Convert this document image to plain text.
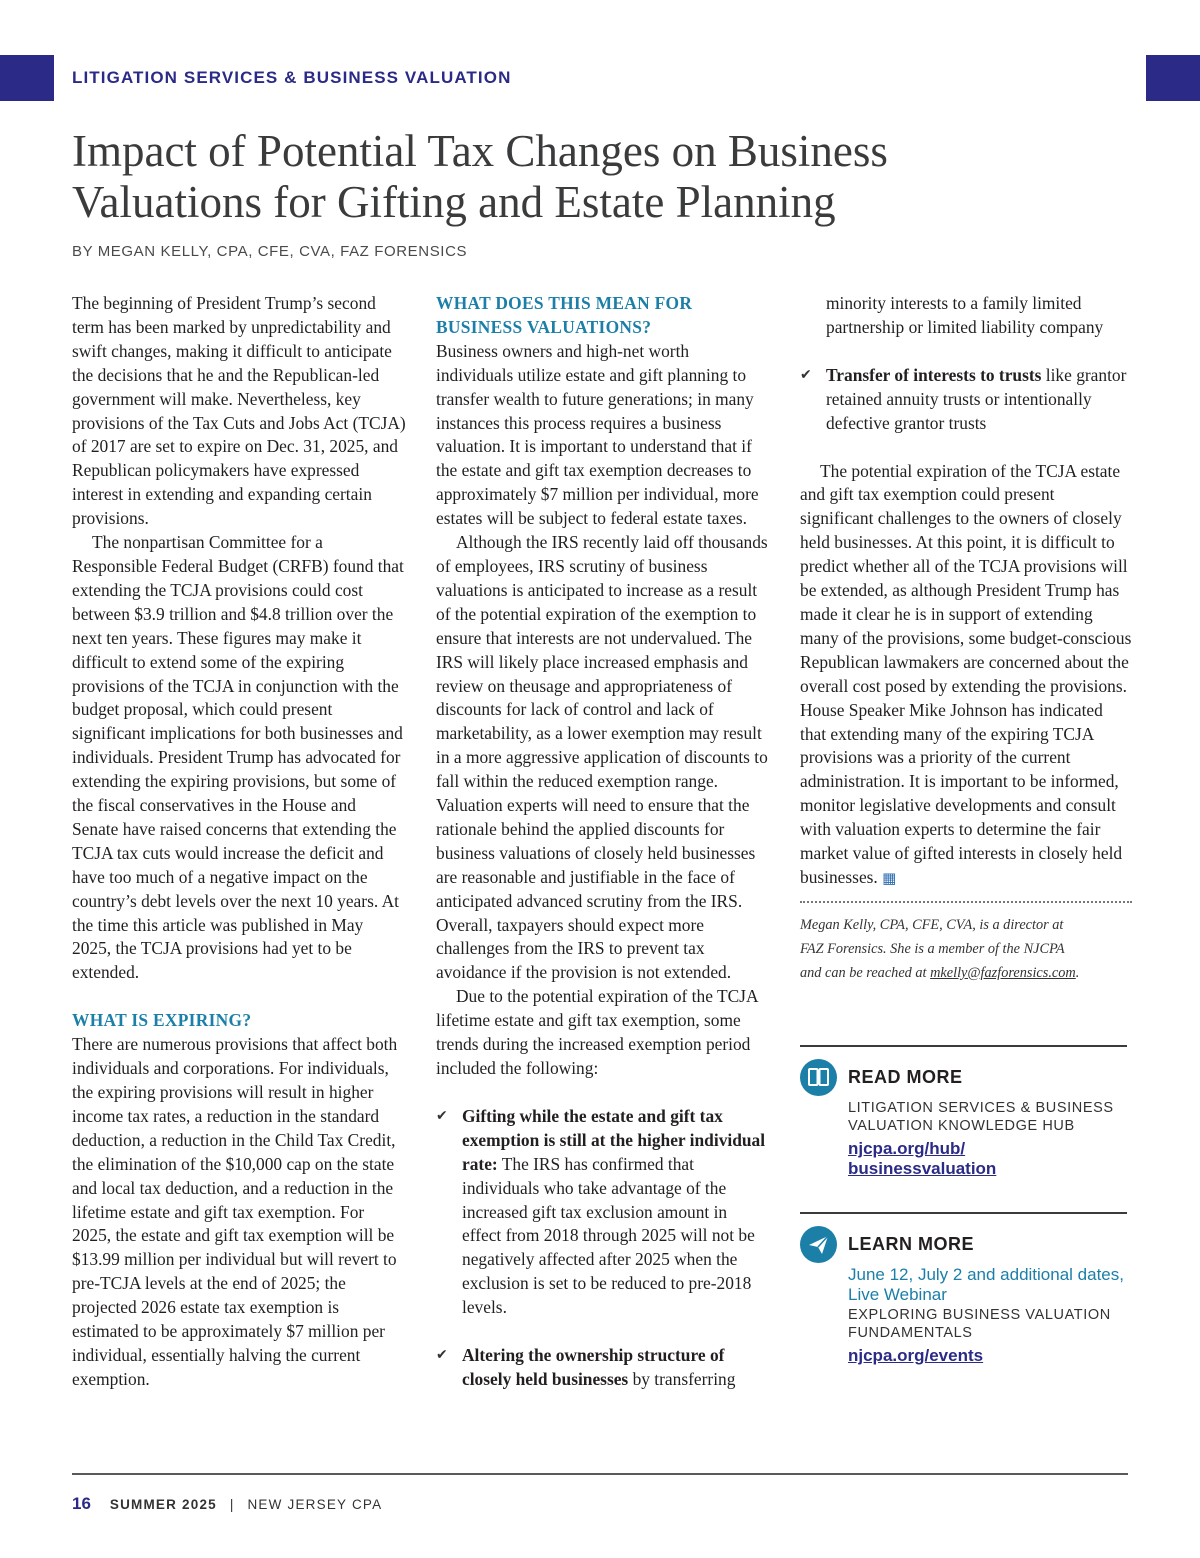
LITIGATION SERVICES & BUSINESS VALUATION
Impact of Potential Tax Changes on Business
Valuations for Gifting and Estate Planning
BY MEGAN KELLY, CPA, CFE, CVA, FAZ FORENSICS

The beginning of President Trump’s second term has been marked by unpredictability and swift changes, making it difficult to anticipate the decisions that he and the Republican-led government will make. Nevertheless, key provisions of the Tax Cuts and Jobs Act (TCJA) of 2017 are set to expire on Dec. 31, 2025, and Republican policymakers have expressed interest in extending and expanding certain provisions.

The nonpartisan Committee for a Responsible Federal Budget (CRFB) found that extending the TCJA provisions could cost between $3.9 trillion and $4.8 trillion over the next ten years. These figures may make it difficult to extend some of the expiring provisions of the TCJA in conjunction with the budget proposal, which could present significant implications for both businesses and individuals. President Trump has advocated for extending the expiring provisions, but some of the fiscal conservatives in the House and Senate have raised concerns that extending the TCJA tax cuts would increase the deficit and have too much of a negative impact on the country’s debt levels over the next 10 years. At the time this article was published in May 2025, the TCJA provisions had yet to be extended.

WHAT IS EXPIRING?

There are numerous provisions that affect both individuals and corporations. For individuals, the expiring provisions will result in higher income tax rates, a reduction in the standard deduction, a reduction in the Child Tax Credit, the elimination of the $10,000 cap on the state and local tax deduction, and a reduction in the lifetime estate and gift tax exemption. For 2025, the estate and gift tax exemption will be $13.99 million per individual but will revert to pre-TCJA levels at the end of 2025; the projected 2026 estate tax exemption is estimated to be approximately $7 million per individual, essentially halving the current exemption.

WHAT DOES THIS MEAN FOR BUSINESS VALUATIONS?

Business owners and high-net worth individuals utilize estate and gift planning to transfer wealth to future generations; in many instances this process requires a business valuation. It is important to understand that if the estate and gift tax exemption decreases to approximately $7 million per individual, more estates will be subject to federal estate taxes.

Although the IRS recently laid off thousands of employees, IRS scrutiny of business valuations is anticipated to increase as a result of the potential expiration of the exemption to ensure that interests are not undervalued. The IRS will likely place increased emphasis and review on theusage and appropriateness of discounts for lack of control and lack of marketability, as a lower exemption may result in a more aggressive application of discounts to fall within the reduced exemption range. Valuation experts will need to ensure that the rationale behind the applied discounts for business valuations of closely held businesses are reasonable and justifiable in the face of anticipated advanced scrutiny from the IRS. Overall, taxpayers should expect more challenges from the IRS to prevent tax avoidance if the provision is not extended.

Due to the potential expiration of the TCJA lifetime estate and gift tax exemption, some trends during the increased exemption period included the following:

✔ Gifting while the estate and gift tax exemption is still at the higher individual rate: The IRS has confirmed that individuals who take advantage of the increased gift tax exclusion amount in effect from 2018 through 2025 will not be negatively affected after 2025 when the exclusion is set to be reduced to pre-2018 levels.

✔ Altering the ownership structure of closely held businesses by transferring

minority interests to a family limited partnership or limited liability company

✔ Transfer of interests to trusts like grantor retained annuity trusts or intentionally defective grantor trusts

The potential expiration of the TCJA estate and gift tax exemption could present significant challenges to the owners of closely held businesses. At this point, it is difficult to predict whether all of the TCJA provisions will be extended, as although President Trump has made it clear he is in support of extending many of the provisions, some budget-conscious Republican lawmakers are concerned about the overall cost posed by extending the provisions. House Speaker Mike Johnson has indicated that extending many of the expiring TCJA provisions was a priority of the current administration. It is important to be informed, monitor legislative developments and consult with valuation experts to determine the fair market value of gifted interests in closely held businesses. ▦

Megan Kelly, CPA, CFE, CVA, is a director at
FAZ Forensics. She is a member of the NJCPA
and can be reached at mkelly@fazforensics.com.
READ MORE
LITIGATION SERVICES & BUSINESS VALUATION KNOWLEDGE HUB
njcpa.org/hub/
businessvaluation
LEARN MORE
June 12, July 2 and additional dates, Live Webinar
EXPLORING BUSINESS VALUATION FUNDAMENTALS
njcpa.org/events
16 SUMMER 2025 | NEW JERSEY CPA
